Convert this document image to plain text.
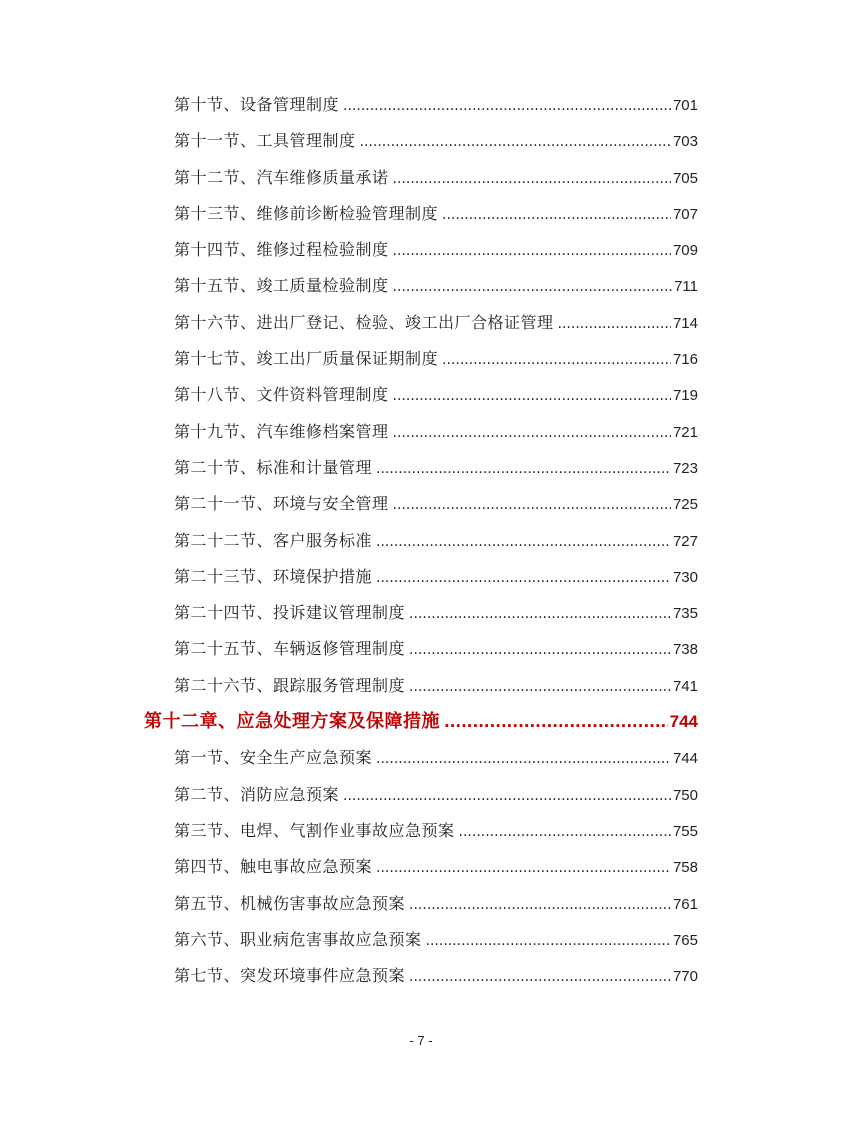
第十节、设备管理制度 .....	701
第十一节、工具管理制度 .....	703
第十二节、汽车维修质量承诺 .....	705
第十三节、维修前诊断检验管理制度 .....	707
第十四节、维修过程检验制度 .....	709
第十五节、竣工质量检验制度 .....	711
第十六节、进出厂登记、检验、竣工出厂合格证管理 .....	714
第十七节、竣工出厂质量保证期制度 .....	716
第十八节、文件资料管理制度 .....	719
第十九节、汽车维修档案管理 .....	721
第二十节、标准和计量管理 .....	723
第二十一节、环境与安全管理 .....	725
第二十二节、客户服务标准 .....	727
第二十三节、环境保护措施 .....	730
第二十四节、投诉建议管理制度 .....	735
第二十五节、车辆返修管理制度 .....	738
第二十六节、跟踪服务管理制度 .....	741
第十二章、应急处理方案及保障措施 .....	744
第一节、安全生产应急预案 .....	744
第二节、消防应急预案 .....	750
第三节、电焊、气割作业事故应急预案 .....	755
第四节、触电事故应急预案 .....	758
第五节、机械伤害事故应急预案 .....	761
第六节、职业病危害事故应急预案 .....	765
第七节、突发环境事件应急预案 .....	770
- 7 -
